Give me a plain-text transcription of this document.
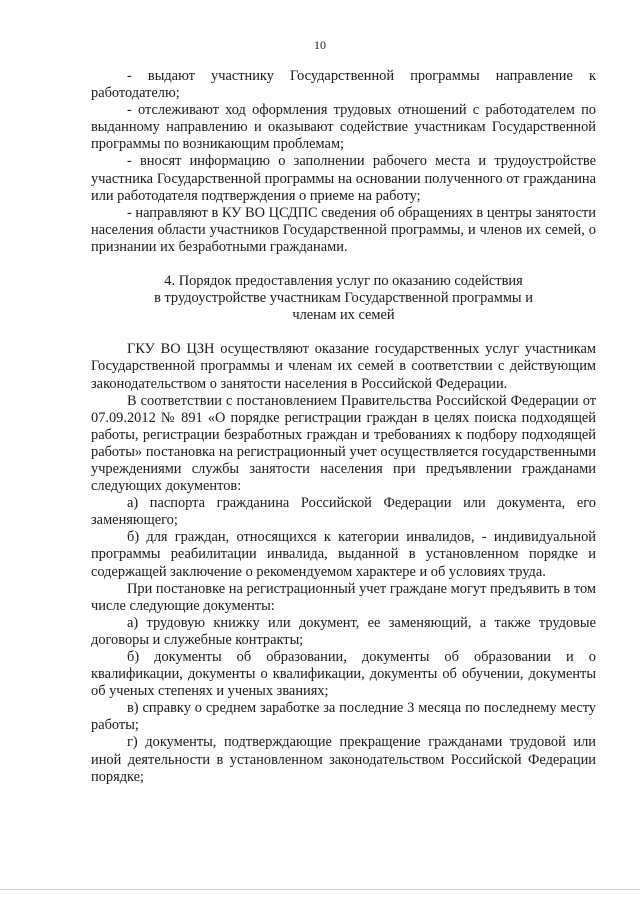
10

- выдают участнику Государственной программы направление к работодателю;

- отслеживают ход оформления трудовых отношений с работодателем по выданному направлению и оказывают содействие участникам Государственной программы по возникающим проблемам;

- вносят информацию о заполнении рабочего места и трудоустройстве участника Государственной программы на основании полученного от гражданина или работодателя подтверждения о приеме на работу;

- направляют в КУ ВО ЦСДПС сведения об обращениях в центры занятости населения области участников Государственной программы, и членов их семей, о признании их безработными гражданами.

4. Порядок предоставления услуг по оказанию содействия
в трудоустройстве участникам Государственной программы и
членам их семей

ГКУ ВО ЦЗН осуществляют оказание государственных услуг участникам Государственной программы и членам их семей в соответствии с действующим законодательством о занятости населения в Российской Федерации.

В соответствии с постановлением Правительства Российской Федерации от 07.09.2012 № 891 «О порядке регистрации граждан в целях поиска подходящей работы, регистрации безработных граждан и требованиях к подбору подходящей работы» постановка на регистрационный учет осуществляется государственными учреждениями службы занятости населения при предъявлении гражданами следующих документов:

а) паспорта гражданина Российской Федерации или документа, его заменяющего;

б) для граждан, относящихся к категории инвалидов, - индивидуальной программы реабилитации инвалида, выданной в установленном порядке и содержащей заключение о рекомендуемом характере и об условиях труда.

При постановке на регистрационный учет граждане могут предъявить в том числе следующие документы:

а) трудовую книжку или документ, ее заменяющий, а также трудовые договоры и служебные контракты;

б) документы об образовании, документы об образовании и о квалификации, документы о квалификации, документы об обучении, документы об ученых степенях и ученых званиях;

в) справку о среднем заработке за последние 3 месяца по последнему месту работы;

г) документы, подтверждающие прекращение гражданами трудовой или иной деятельности в установленном законодательством Российской Федерации порядке;
